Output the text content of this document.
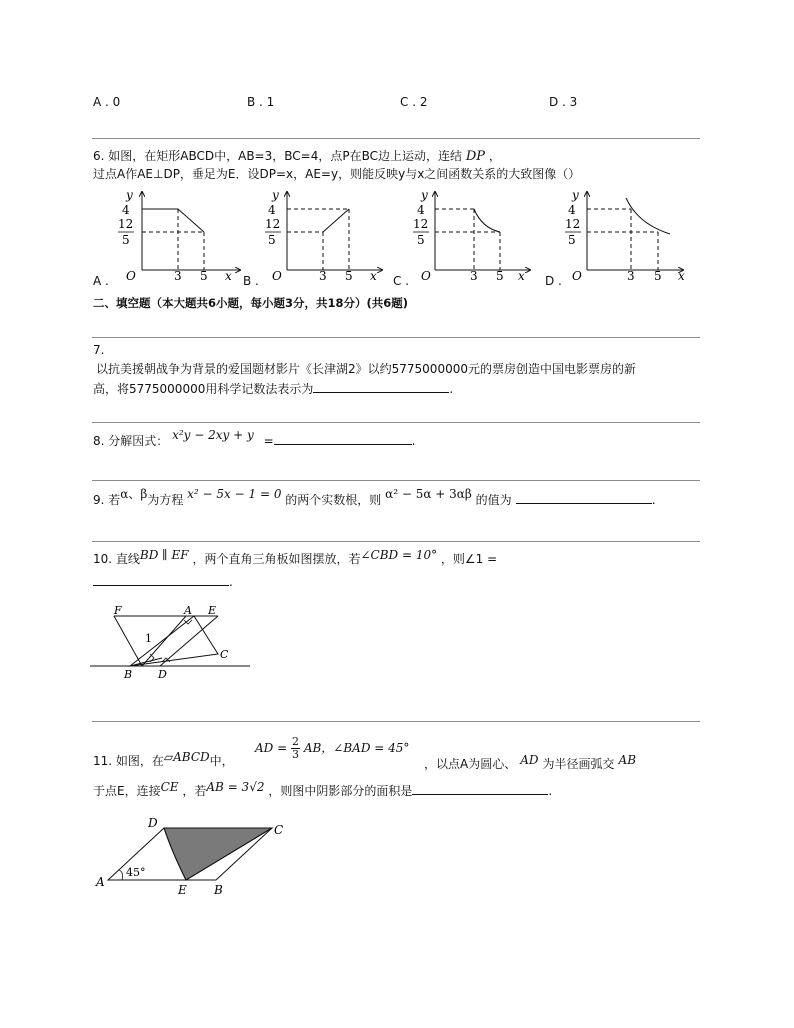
A . 0	B . 1	C . 2	D . 3
6. 如图，在矩形ABCD中，AB=3，BC=4，点P在BC边上运动，连结 DP ，
过点A作AE⊥DP，垂足为E．设DP=x，AE=y，则能反映y与x之间函数关系的大致图像（）
y
4
12
5
O	3 5 x
y
4
12
5
O	3 5 x
y
4
12
5
O	3 5 x
y
4
12
5
O	3 5 x
A .	B .	C .	D .
二、填空题（本大题共6小题，每小题3分，共18分）(共6题)
7.
以抗美援朝战争为背景的爱国题材影片《长津湖2》以约5775000000元的票房创造中国电影票房的新
高，将5775000000用科学记数法表示为	.
8. 分解因式： x²y − 2xy + y =	.
9. 若α、β为方程 x² − 5x − 1 = 0 的两个实数根，则 α² − 5α + 3αβ 的值为	.
10. 直线BD ∥ EF ，两个直角三角板如图摆放，若∠CBD = 10° ，则∠1 =
.
F	A E
1
C
B D
11. 如图，在▱ABCD中，
AD = $\frac{2}{3}$ AB，∠BAD = 45°
，以点A为圆心、 AD 为半径画弧交 AB
于点E，连接CE ，若AB = 3√2 ，则图中阴影部分的面积是	.
D	C
A
E B
45°
